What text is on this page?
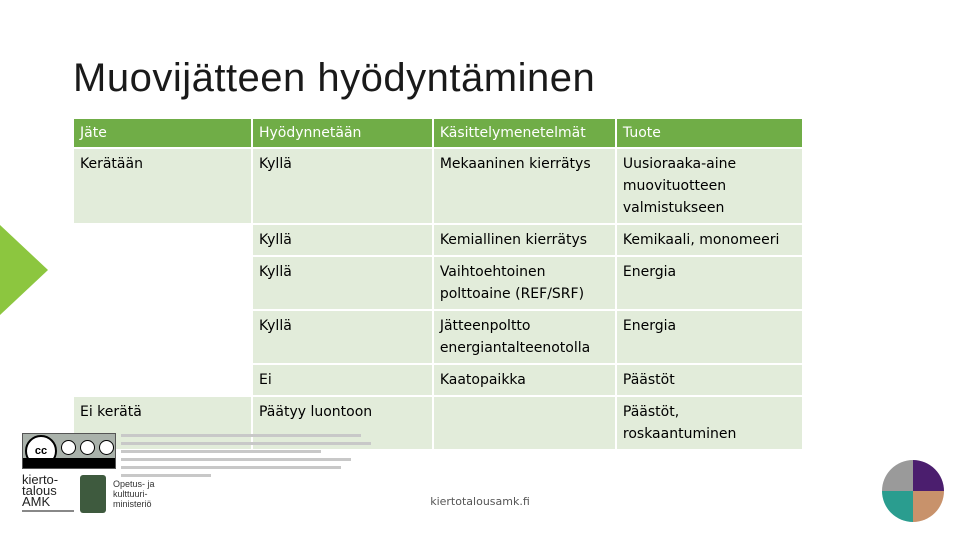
Muovijätteen hyödyntäminen
Jäte	Hyödynnetään	Käsittelymenetelmät	Tuote
Kerätään	Kyllä	Mekaaninen kierrätys	Uusioraaka-aine muovituotteen valmistukseen
	Kyllä	Kemiallinen kierrätys	Kemikaali, monomeeri
	Kyllä	Vaihtoehtoinen polttoaine (REF/SRF)	Energia
	Kyllä	Jätteenpoltto energiantalteenotolla	Energia
	Ei	Kaatopaikka	Päästöt
Ei kerätä	Päätyy luontoon		Päästöt, roskaantuminen
cc
kierto-
talous
AMK
Opetus- ja
kulttuuri-
ministeriö	kiertotalousamk.fi
